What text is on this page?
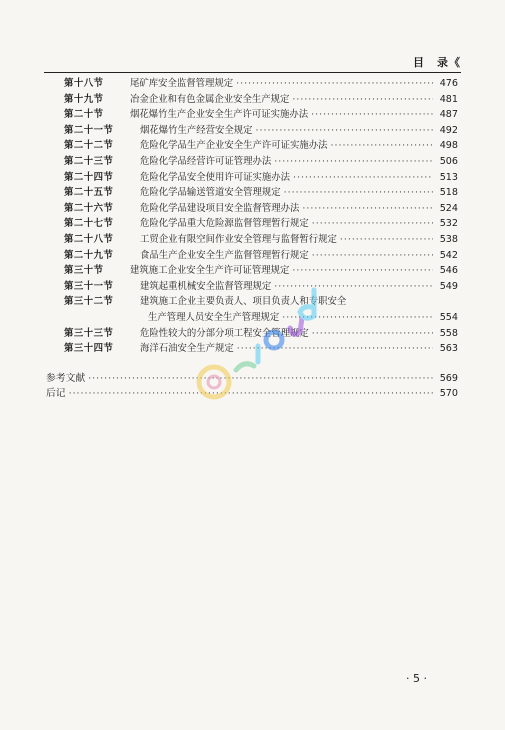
目　录《
第十八节	尾矿库安全监督管理规定 ·····	476
第十九节	冶金企业和有色金属企业安全生产规定 ·····	481
第二十节	烟花爆竹生产企业安全生产许可证实施办法 ·····	487
第二十一节	烟花爆竹生产经营安全规定 ·····	492
第二十二节	危险化学品生产企业安全生产许可证实施办法 ·····	498
第二十三节	危险化学品经营许可证管理办法 ·····	506
第二十四节	危险化学品安全使用许可证实施办法 ·····	513
第二十五节	危险化学品输送管道安全管理规定 ·····	518
第二十六节	危险化学品建设项目安全监督管理办法 ·····	524
第二十七节	危险化学品重大危险源监督管理暂行规定 ·····	532
第二十八节	工贸企业有限空间作业安全管理与监督暂行规定 ·····	538
第二十九节	食品生产企业安全生产监督管理暂行规定 ·····	542
第三十节	建筑施工企业安全生产许可证管理规定 ·····	546
第三十一节	建筑起重机械安全监督管理规定 ·····	549
第三十二节	建筑施工企业主要负责人、项目负责人和专职安全
生产管理人员安全生产管理规定 ·····	554
第三十三节	危险性较大的分部分项工程安全管理规定 ·····	558
第三十四节	海洋石油安全生产规定 ·····	563
参考文献 ·····	569
后记 ·····	570
· 5 ·
